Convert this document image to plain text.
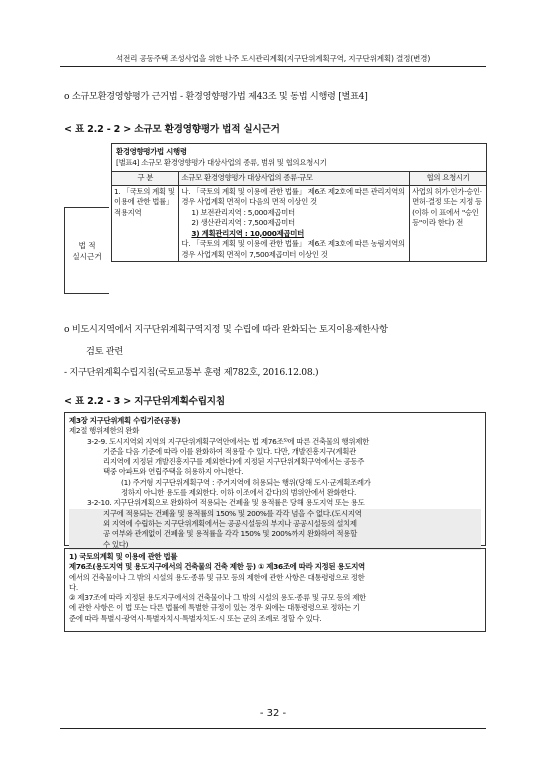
석전리 공동주택 조성사업을 위한 나주 도시관리계획(지구단위계획구역, 지구단위계획) 결정(변경)
o 소규모환경영향평가 근거법 - 환경영향평가법 제43조 및 동법 시행령 [별표4]
< 표 2.2 - 2 > 소규모 환경영향평가 법적 실시근거
법 적
실시근거
환경영향평가법 시행령
[별표4] 소규모 환경영향평가 대상사업의 종류, 범위 및 협의요청시기		

구 분	소규모 환경영향평가 대상사업의 종류·규모	협의 요청시기
1. 「국토의 계획 및 이용에 관한 법률」 적용지역	나. 「국토의 계획 및 이용에 관한 법률」 제6조 제2호에 따른 관리지역의 경우 사업계획 면적이 다음의 면적 이상인 것
1) 보전관리지역 : 5,000제곱미터
2) 생산관리지역 : 7,500제곱미터
3) 계획관리지역 : 10,000제곱미터
다. 「국토의 계획 및 이용에 관한 법률」 제6조 제3호에 따른 농림지역의 경우 사업계획 면적이 7,500제곱미터 이상인 것	사업의 허가·인가·승인·면허·결정 또는 지정 등(이하 이 표에서 "승인등"이라 한다) 전
o 비도시지역에서 지구단위계획구역지정 및 수립에 따라 완화되는 토지이용제한사항
검토 관련
- 지구단위계획수립지침(국토교통부 훈령 제782호, 2016.12.08.)
< 표 2.2 - 3 > 지구단위계획수립지침
제3장 지구단위계획 수립기준(공통)
제2절 행위제한의 완화
3-2-9. 도시지역외 지역의 지구단위계획구역안에서는 법 제76조⁵⁾에 따른 건축물의 행위제한
기준을 다음 기준에 따라 이를 완화하여 적용할 수 있다. 다만, 개발진흥지구(계획관
리지역에 지정된 개발진흥지구를 제외한다)에 지정된 지구단위계획구역에서는 공동주
택중 아파트와 연립주택을 허용하지 아니한다.
(1) 주거형 지구단위계획구역 : 주거지역에 허용되는 행위(당해 도시·군계획조례가
정하지 아니한 용도를 제외한다. 이하 이조에서 같다)의 범위안에서 완화한다.
3-2-10. 지구단위계획으로 완화하여 적용되는 건폐율 및 용적률은 당해 용도지역 또는 용도
지구에 적용되는 건폐율 및 용적률의 150% 및 200%를 각각 넘을 수 없다.(도시지역
외 지역에 수립하는 지구단위계획에서는 공공시설등의 부지나 공공시설등의 설치제
공 여부와 관계없이 건폐율 및 용적률을 각각 150% 및 200%까지 완화하여 적용할
수 있다)
1) 국토의계획 및 이용에 관한 법률
제76조(용도지역 및 용도지구에서의 건축물의 건축 제한 등) ① 제36조에 따라 지정된 용도지역
에서의 건축물이나 그 밖의 시설의 용도·종류 및 규모 등의 제한에 관한 사항은 대통령령으로 정한
다.
② 제37조에 따라 지정된 용도지구에서의 건축물이나 그 밖의 시설의 용도·종류 및 규모 등의 제한
에 관한 사항은 이 법 또는 다른 법률에 특별한 규정이 있는 경우 외에는 대통령령으로 정하는 기
준에 따라 특별시·광역시·특별자치시·특별자치도·시 또는 군의 조례로 정할 수 있다.
- 32 -
